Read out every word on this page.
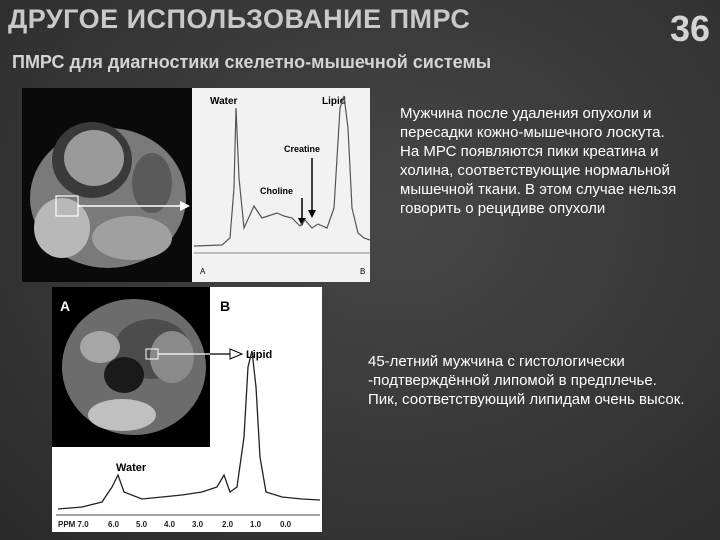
ДРУГОЕ ИСПОЛЬЗОВАНИЕ ПМРС	36
ПМРС для диагностики скелетно-мышечной системы
Water	Lipid
Creatine
Choline
A	B
A	B
Lipid
Water
PPM 7.0 6.0 5.0 4.0 3.0 2.0 1.0 0.0
Мужчина после удаления опухоли и пересадки кожно-мышечного лоскута. На МРС появляются пики креатина и холина, соответствующие нормальной мышечной ткани. В этом случае нельзя говорить о рецидиве опухоли
45-летний мужчина с гистологически -подтверждённой липомой в предплечье. Пик, соответствующий липидам очень высок.
